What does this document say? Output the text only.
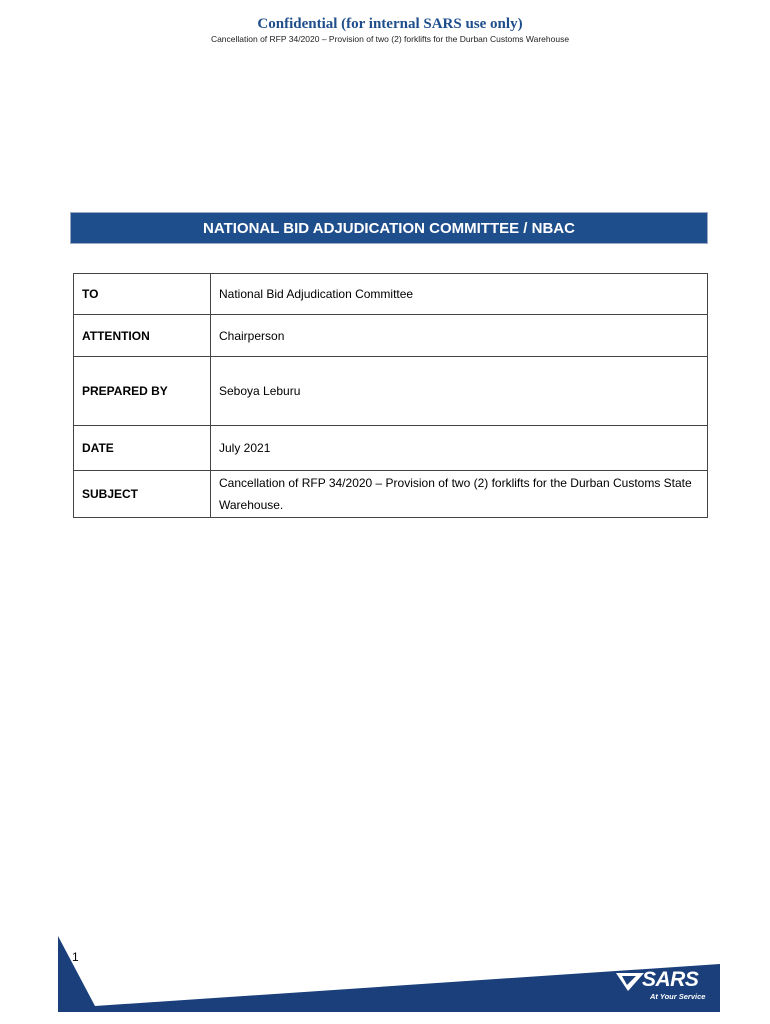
Confidential (for internal SARS use only)
Cancellation of RFP 34/2020 – Provision of two (2) forklifts for the Durban Customs Warehouse
NATIONAL BID ADJUDICATION COMMITTEE / NBAC
TO	National Bid Adjudication Committee
ATTENTION	Chairperson
PREPARED BY	Seboya Leburu
DATE	July 2021
SUBJECT	Cancellation of RFP 34/2020 – Provision of two (2) forklifts for the Durban Customs State Warehouse.
1
SARS
At Your Service
